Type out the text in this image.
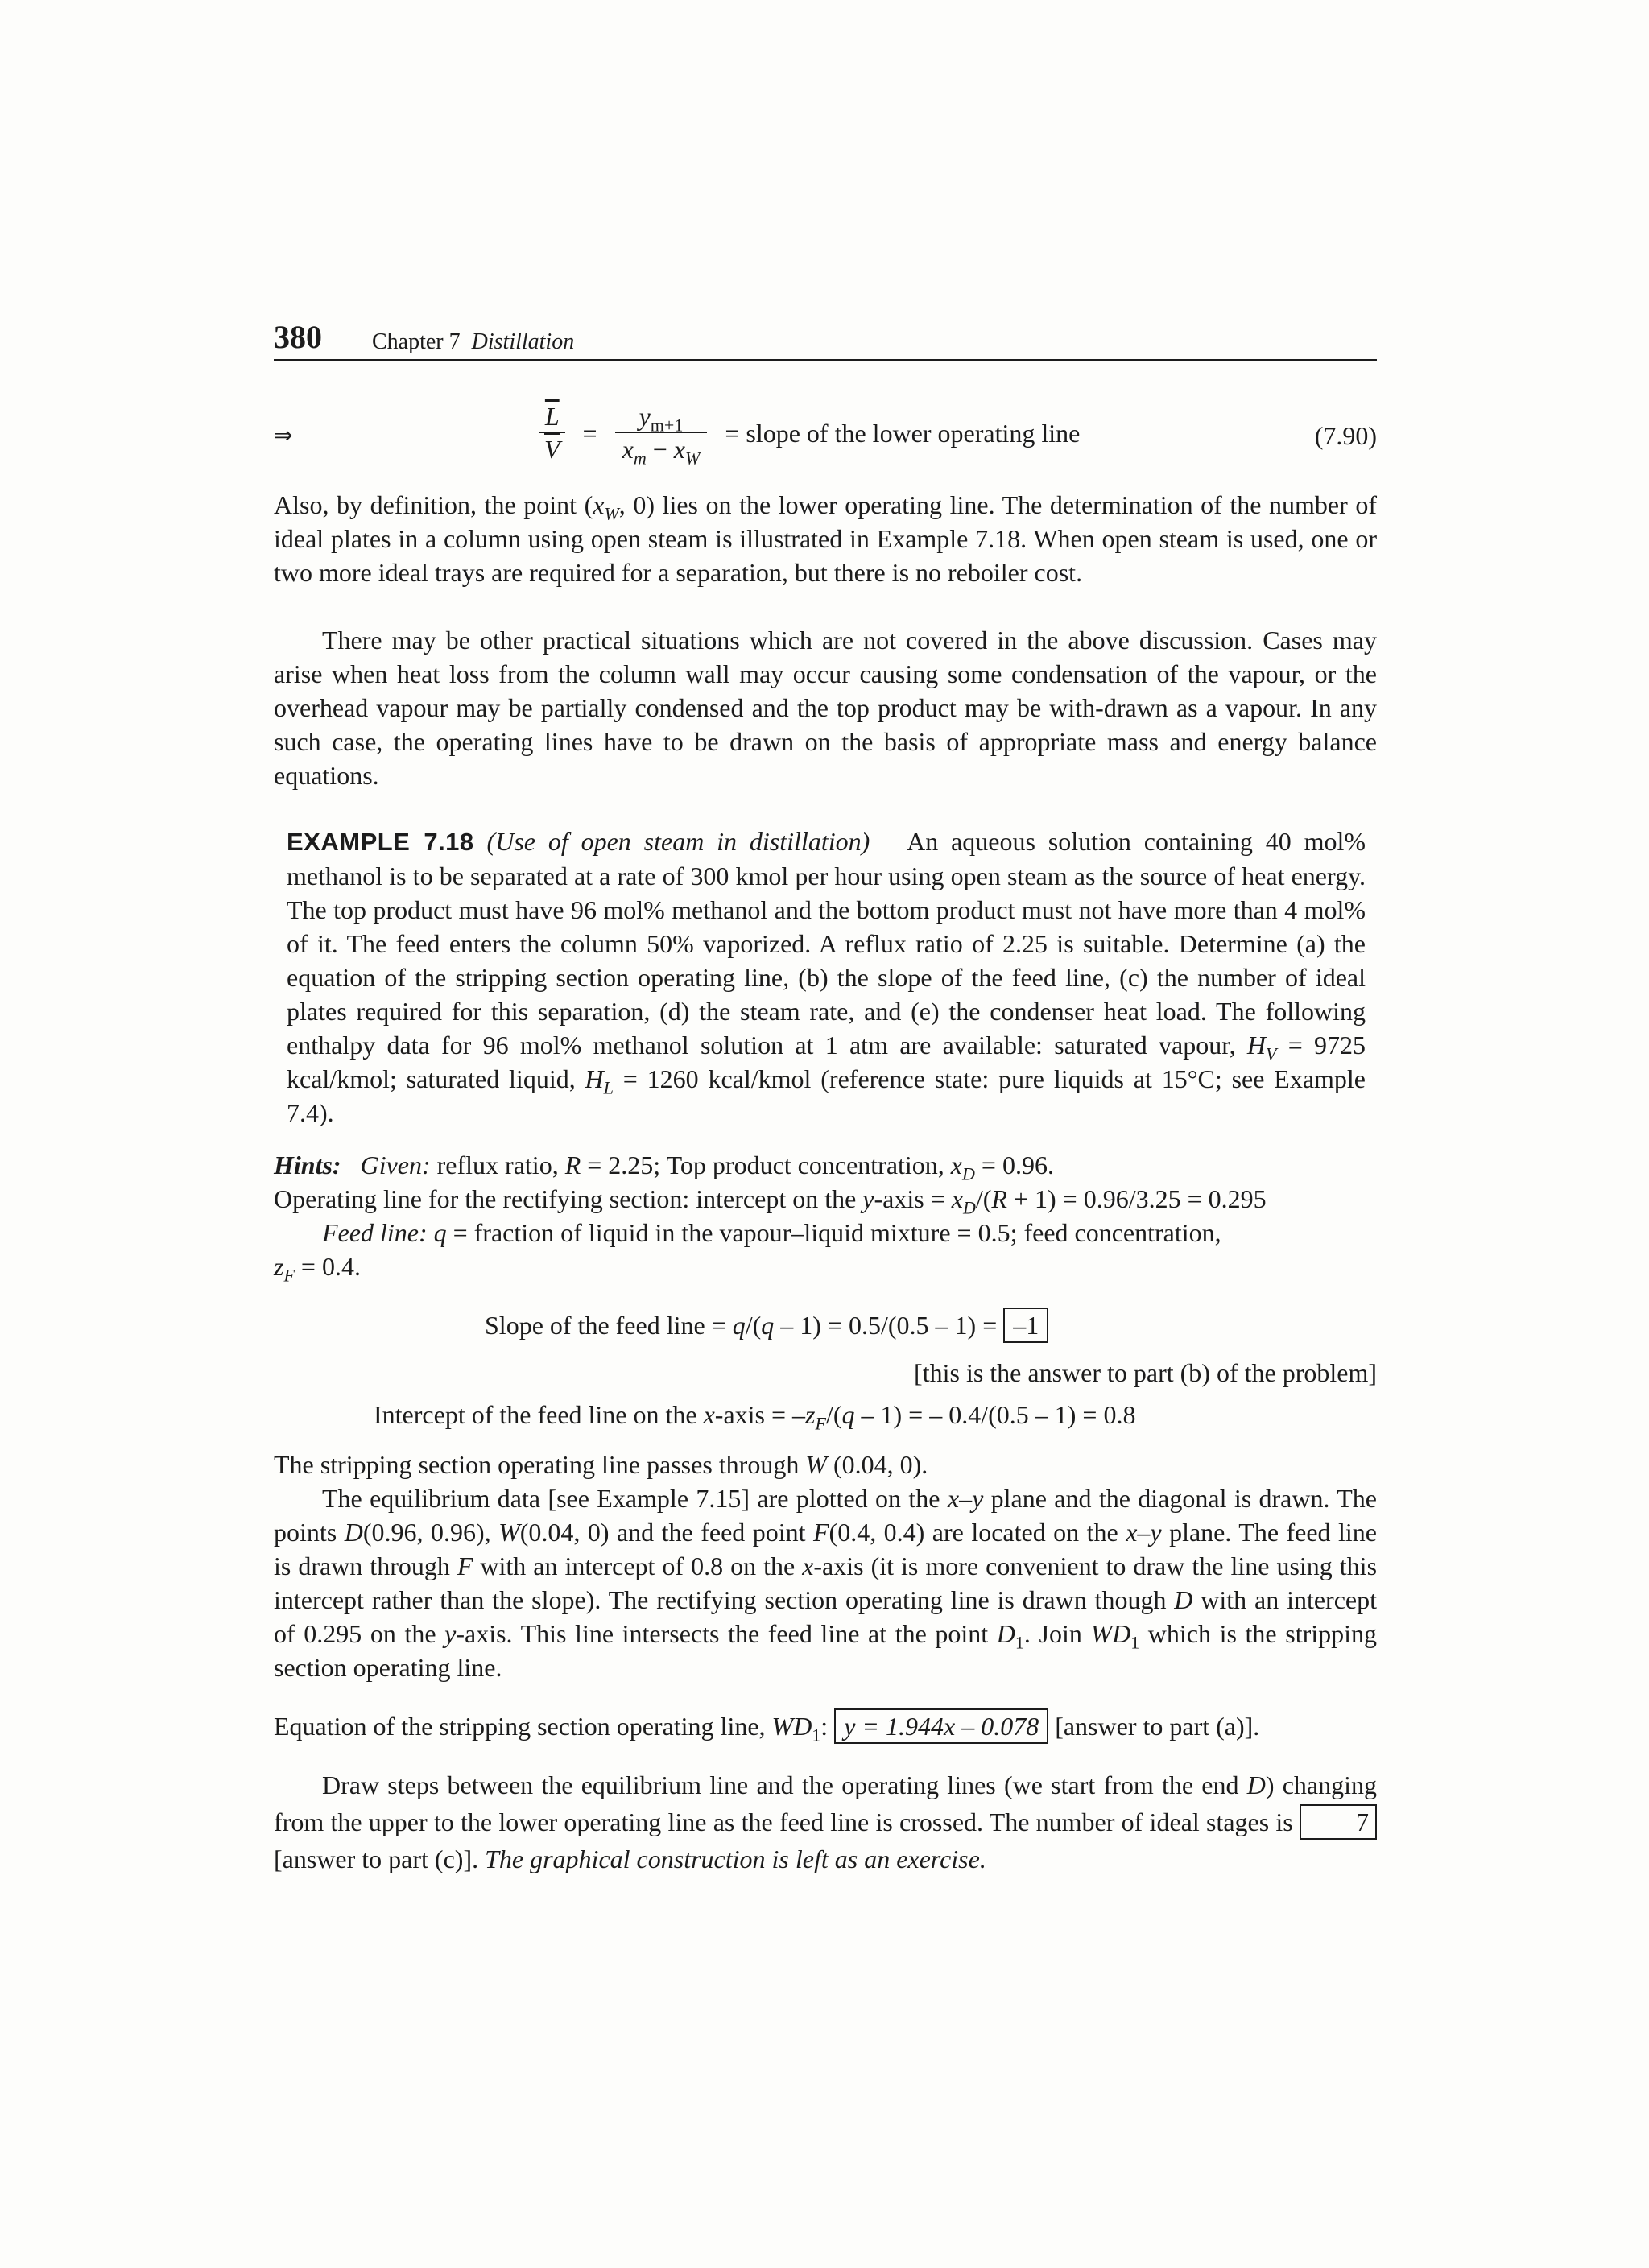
380 Chapter 7 Distillation
⇒	$\frac{\overline{L}}{V} = \frac{y_{m+1}}{x_m - x_W}$ = slope of the lower operating line	(7.90)

Also, by definition, the point ($x_W$, 0) lies on the lower operating line. The determination of the number of ideal plates in a column using open steam is illustrated in Example 7.18. When open steam is used, one or two more ideal trays are required for a separation, but there is no reboiler cost.

There may be other practical situations which are not covered in the above discussion. Cases may arise when heat loss from the column wall may occur causing some condensation of the vapour, or the overhead vapour may be partially condensed and the top product may be with-drawn as a vapour. In any such case, the operating lines have to be drawn on the basis of appropriate mass and energy balance equations.

EXAMPLE 7.18 (Use of open steam in distillation) An aqueous solution containing 40 mol% methanol is to be separated at a rate of 300 kmol per hour using open steam as the source of heat energy. The top product must have 96 mol% methanol and the bottom product must not have more than 4 mol% of it. The feed enters the column 50% vaporized. A reflux ratio of 2.25 is suitable. Determine (a) the equation of the stripping section operating line, (b) the slope of the feed line, (c) the number of ideal plates required for this separation, (d) the steam rate, and (e) the condenser heat load. The following enthalpy data for 96 mol% methanol solution at 1 atm are available: saturated vapour, $H_V = 9725$ kcal/kmol; saturated liquid, $H_L = 1260$ kcal/kmol (reference state: pure liquids at 15°C; see Example 7.4).

Hints: Given: reflux ratio, R = 2.25; Top product concentration, $x_D = 0.96$.
Operating line for the rectifying section: intercept on the y-axis = $x_D/(R + 1) = 0.96/3.25 = 0.295$
Feed line: q = fraction of liquid in the vapour–liquid mixture = 0.5; feed concentration,
$z_F = 0.4$.
Slope of the feed line = q/(q – 1) = 0.5/(0.5 – 1) = –1
[this is the answer to part (b) of the problem]
Intercept of the feed line on the x-axis = $-z_F/(q - 1)$ = – 0.4/(0.5 – 1) = 0.8
The stripping section operating line passes through W (0.04, 0).

The equilibrium data [see Example 7.15] are plotted on the x–y plane and the diagonal is drawn. The points D(0.96, 0.96), W(0.04, 0) and the feed point F(0.4, 0.4) are located on the x–y plane. The feed line is drawn through F with an intercept of 0.8 on the x-axis (it is more convenient to draw the line using this intercept rather than the slope). The rectifying section operating line is drawn though D with an intercept of 0.295 on the y-axis. This line intersects the feed line at the point $D_1$. Join $WD_1$ which is the stripping section operating line.

Equation of the stripping section operating line, $WD_1$: y = 1.944x – 0.078 [answer to part (a)].

Draw steps between the equilibrium line and the operating lines (we start from the end D) changing from the upper to the lower operating line as the feed line is crossed. The number of ideal stages is 7 [answer to part (c)]. The graphical construction is left as an exercise.
